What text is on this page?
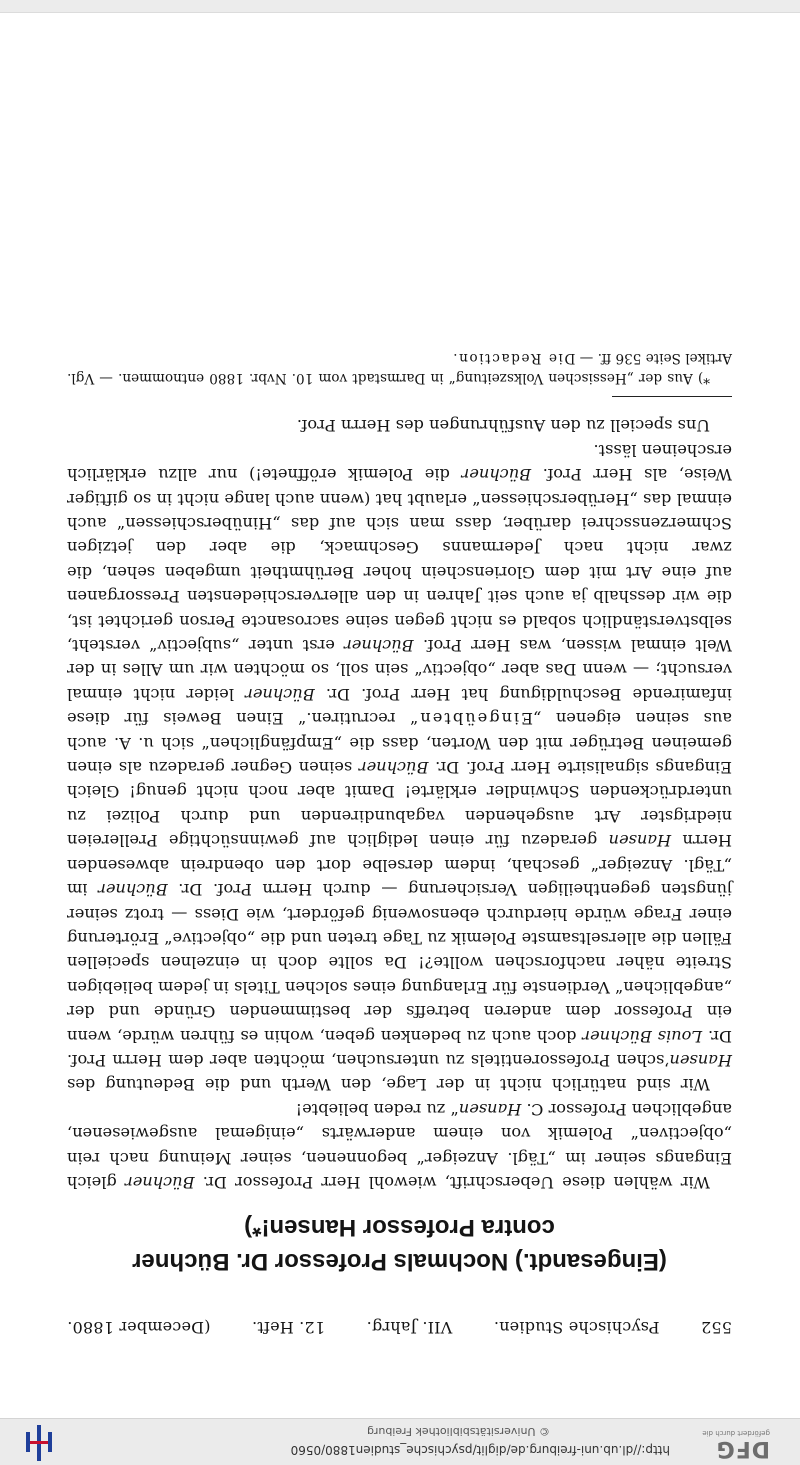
DFG
gefördert durch die
http://dl.ub.uni-freiburg.de/diglit/psychische_studien1880/0560
© Universitätsbibliothek Freiburg
552
Psychische Studien.
VII. Jahrg.
12. Heft.
(December 1880.
(Eingesandt.) Nochmals Professor Dr. Büchner
contra Professor Hansen!*)

Wir wählen diese Ueberschrift, wiewohl Herr Professor Dr. Büchner gleich Eingangs seiner im „Tägl. Anzeiger“ begonnenen, seiner Meinung nach rein „objectiven“ Polemik von einem anderwärts „einigemal ausgewiesenen, angeblichen Professor C. Hansen“ zu reden beliebte!

Wir sind natürlich nicht in der Lage, den Werth und die Bedeutung des Hansen’schen Professorentitels zu untersuchen, möchten aber dem Herrn Prof. Dr. Louis Büchner doch auch zu bedenken geben, wohin es führen würde, wenn ein Professor dem anderen betreffs der bestimmenden Gründe und der „angeblichen“ Verdienste für Erlangung eines solchen Titels in jedem beliebigen Streite näher nachforschen wollte?! Da sollte doch in einzelnen speciellen Fällen die allerseltsamste Polemik zu Tage treten und die „objective“ Erörterung einer Frage würde hierdurch ebensowenig gefördert, wie Diess — trotz seiner jüngsten gegentheiligen Versicherung — durch Herrn Prof. Dr. Büchner im „Tägl. Anzeiger“ geschah, indem derselbe dort den obendrein abwesenden Herrn Hansen geradezu für einen lediglich auf gewinnsüchtige Prellereien niedrigster Art ausgehenden vagabundirenden und durch Polizei zu unterdrückenden Schwindler erklärte! Damit aber noch nicht genug! Gleich Eingangs signalisirte Herr Prof. Dr. Büchner seinen Gegner geradezu als einen gemeinen Betrüger mit den Worten, dass die „Empfänglichen“ sich u. A. auch aus seinen eigenen „Eingeübten“ recrutiren.“ Einen Beweis für diese infamirende Beschuldigung hat Herr Prof. Dr. Büchner leider nicht einmal versucht; — wenn Das aber „objectiv“ sein soll, so möchten wir um Alles in der Welt einmal wissen, was Herr Prof. Büchner erst unter „subjectiv“ versteht, selbstverständlich sobald es nicht gegen seine sacrosancte Person gerichtet ist, die wir desshalb ja auch seit Jahren in den allerverschiedensten Pressorganen auf eine Art mit dem Glorienschein hoher Berühmtheit umgeben sehen, die zwar nicht nach Jedermanns Geschmack, die aber den jetzigen Schmerzensschrei darüber, dass man sich auf das „Hinüberschiessen“ auch einmal das „Herüberschiessen“ erlaubt hat (wenn auch lange nicht in so giftiger Weise, als Herr Prof. Büchner die Polemik eröffnete!) nur allzu erklärlich erscheinen lässt.

Uns speciell zu den Ausführungen des Herrn Prof.

*) Aus der „Hessischen Volkszeitung“ in Darmstadt vom 10. Nvbr. 1880 entnommen. — Vgl. Artikel Seite 536 ff. — Die Redaction.
